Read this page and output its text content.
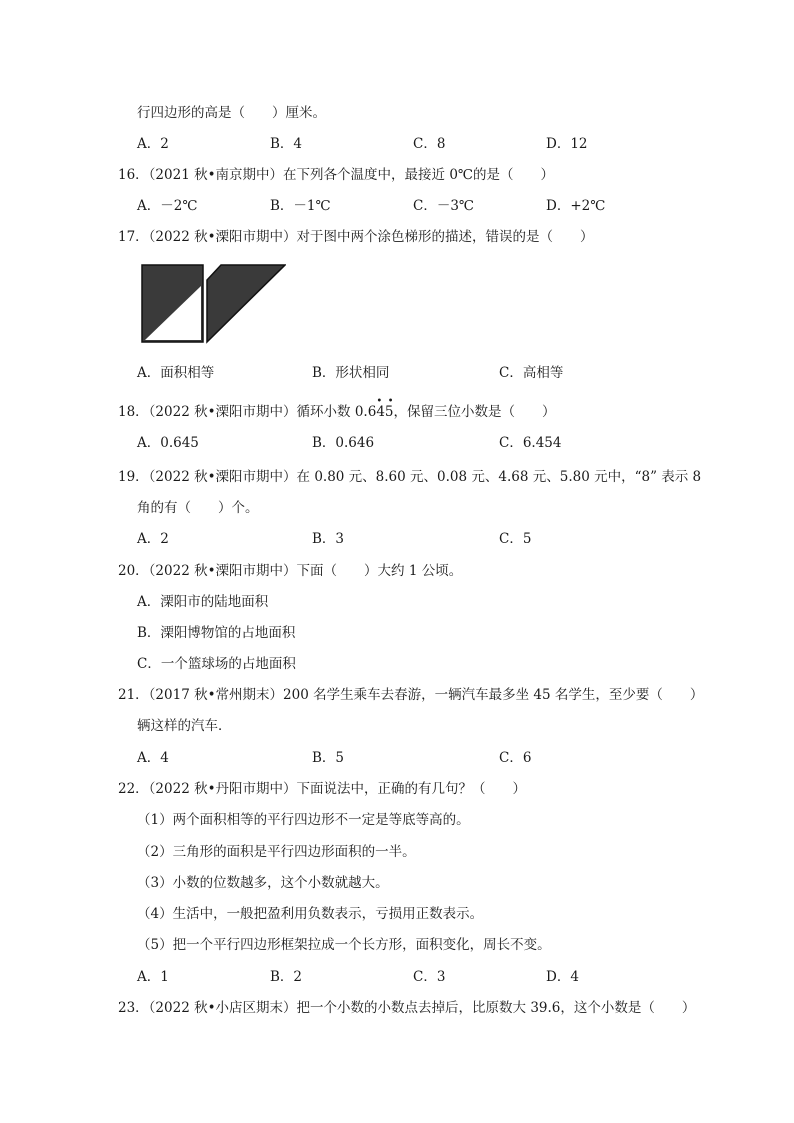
行四边形的高是（　　）厘米。
A．2	B．4	C．8	D．12
16．（2021 秋•南京期中）在下列各个温度中，最接近 0℃的是（　　）
A．－2℃	B．－1℃	C．－3℃	D．+2℃
17．（2022 秋•溧阳市期中）对于图中两个涂色梯形的描述，错误的是（　　）
A．面积相等	B．形状相同	C．高相等
18．（2022 秋•溧阳市期中）循环小数 0.6
• •
45，保留三位小数是（　　）
A．0.645	B．0.646	C．6.454
19．（2022 秋•溧阳市期中）在 0.80 元、8.60 元、0.08 元、4.68 元、5.80 元中，“8” 表示 8
角的有（　　）个。
A．2	B．3	C．5
20．（2022 秋•溧阳市期中）下面（　　）大约 1 公顷。
A．溧阳市的陆地面积
B．溧阳博物馆的占地面积
C．一个篮球场的占地面积
21．（2017 秋•常州期末）200 名学生乘车去春游，一辆汽车最多坐 45 名学生，至少要（　　）
辆这样的汽车．
A．4	B．5	C．6
22．（2022 秋•丹阳市期中）下面说法中，正确的有几句？（　　）
（1）两个面积相等的平行四边形不一定是等底等高的。
（2）三角形的面积是平行四边形面积的一半。
（3）小数的位数越多，这个小数就越大。
（4）生活中，一般把盈利用负数表示，亏损用正数表示。
（5）把一个平行四边形框架拉成一个长方形，面积变化，周长不变。
A．1	B．2	C．3	D．4
23．（2022 秋•小店区期末）把一个小数的小数点去掉后，比原数大 39.6，这个小数是（　　）
